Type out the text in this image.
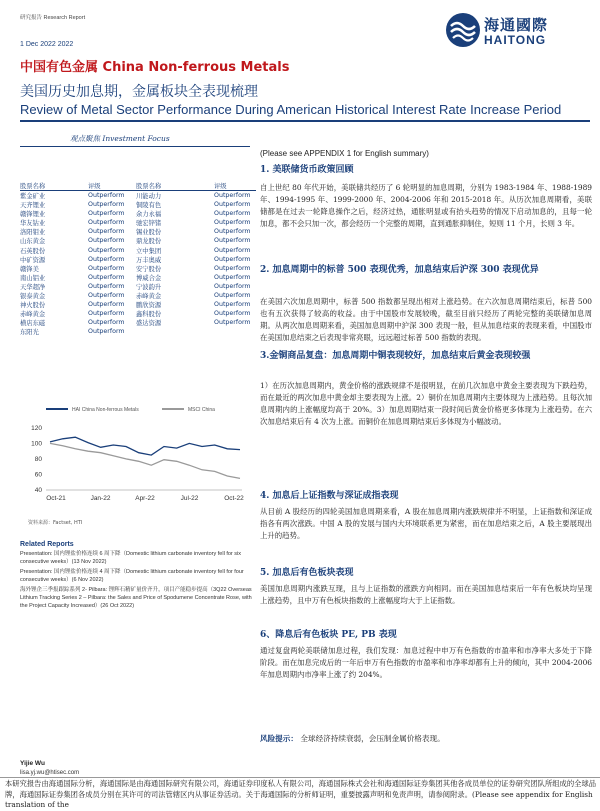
研究报告 Research Report
1 Dec 2022 2022
海通國際
HAITONG
中国有色金属 China Non-ferrous Metals
美国历史加息期，金属板块全表现梳理
Review of Metal Sector Performance During American Historical Interest Rate Increase Period
观点聚焦 Investment Focus
股票名称	评级	股票名称	评级
紫金矿业	Outperform	川能动力	Outperform
天齐锂业	Outperform	铜陵有色	Outperform
赣锋锂业	Outperform	余力永福	Outperform
华友钴业	Outperform	驰宏锌锗	Outperform
洛阳钼业	Outperform	锡业股份	Outperform
山东黄金	Outperform	鼎龙股份	Outperform
石英股份	Outperform	立中集团	Outperform
中矿资源	Outperform	万丰奥威	Outperform
赣锋美	Outperform	安宁股份	Outperform
南山铝业	Outperform	博威合金	Outperform
天华超净	Outperform	宁波韵升	Outperform
银泰黄金	Outperform	赤峰黄金	Outperform
神火股份	Outperform	鹏欣资源	Outperform
赤峰黄金	Outperform	鑫科股份	Outperform
横店东磁	Outperform	盛达资源	Outperform
东阳光	Outperform		
HAI China Non-ferrous Metals	MSCI China
40
60
80
100
120
Oct-21	Jan-22	Apr-22	Jul-22	Oct-22
资料来源：Factset, HTI
Related Reports

Presentation: 国内锂盐价格连续 6 周下降（Domestic lithium carbonate inventory fell for six consecutive weeks）(13 Nov 2022)

Presentation: 国内锂盐价格连续 4 周下降（Domestic lithium carbonate inventory fell for four consecutive weeks）(6 Nov 2022)

海外锂企三季报跟踪系列 2- Pilbara: 锂辉石精矿量价齐升，项目产能稳步提高（3Q22 Overseas Lithium Tracking Series 2 – Pilbara: the Sales and Price of Spodumene Concentrate Rose, with the Project Capacity Increased）(26 Oct 2022)

Yijie Wu
lisa.yj.wu@htisec.com
(Please see APPENDIX 1 for English summary)
1. 美联储货币政策回顾
自上世纪 80 年代开始，美联储共经历了 6 轮明显的加息周期，分别为 1983-1984 年、1988-1989 年、1994-1995 年、1999-2000 年、2004-2006 年和 2015-2018 年。从历次加息周期看，美联储都是在过去一轮降息操作之后，经济过热，通胀明显或有抬头趋势的情况下启动加息的，且每一轮加息，都不会只加一次，都会经历一个完整的周期，直到通胀抑制住，短则 11 个月，长则 3 年。
2. 加息周期中的标普 500 表现优秀，加息结束后沪深 300 表现优异
在美国六次加息周期中，标普 500 指数都呈现出相对上涨趋势。在六次加息周期结束后，标普 500 也有五次获得了较高的收益。由于中国股市发展较晚，截至目前只经历了两轮完整的美联储加息周期。从两次加息周期来看，美国加息周期中沪深 300 表现一般，但从加息结束的表现来看，中国股市在美国加息结束之后表现非常亮眼，远远超过标普 500 指数的表现。
3.金铜商品复盘：加息周期中铜表现较好，加息结束后黄金表现较强
1）在历次加息周期内，黄金价格的涨跌规律不是很明显，在前几次加息中黄金主要表现为下跌趋势，而在最近的两次加息中黄金却主要表现为上涨。2）铜价在加息周期内主要体现为上涨趋势。且每次加息周期内的上涨幅度均高于 20%。3）加息周期结束一段时间后黄金价格更多体现为上涨趋势。在六次加息结束后有 4 次为上涨。而铜价在加息周期结束后多体现为小幅波动。
4. 加息后上证指数与深证成指表现
从目前 A 股经历的四轮美国加息周期来看，A 股在加息周期内涨跌规律并不明显，上证指数和深证成指各有两次涨跌。中国 A 股的发展与国内大环境联系更为紧密，而在加息结束之后，A 股主要展现出上升的趋势。
5. 加息后有色板块表现
美国加息周期内涨跌互现，且与上证指数的涨跌方向相同。而在美国加息结束后一年有色板块均呈现上涨趋势，且中万有色板块指数的上涨幅度均大于上证指数。
6、降息后有色板块 PE, PB 表现
通过复盘两轮美联储加息过程，我们发现：加息过程中申万有色指数的市盈率和市净率大多处于下降阶段。而在加息完成后的一年后申万有色指数的市盈率和市净率却都有上升的倾向，其中 2004-2006 年加息周期内市净率上涨了约 204%。
风险提示： 全球经济持续衰弱，会压制金属价格表现。
本研究报告由海通国际分析，海通国际是由海通国际研究有限公司，海通证券印度私人有限公司，海通国际株式会社和海通国际证券集团其他各成员单位的证券研究团队所组成的全球品牌，海通国际证券集团各成员分别在其许可的司法管辖区内从事证券活动。关于海通国际的分析师证明，重要披露声明和免责声明，请参阅附录。(Please see appendix for English translation of the
